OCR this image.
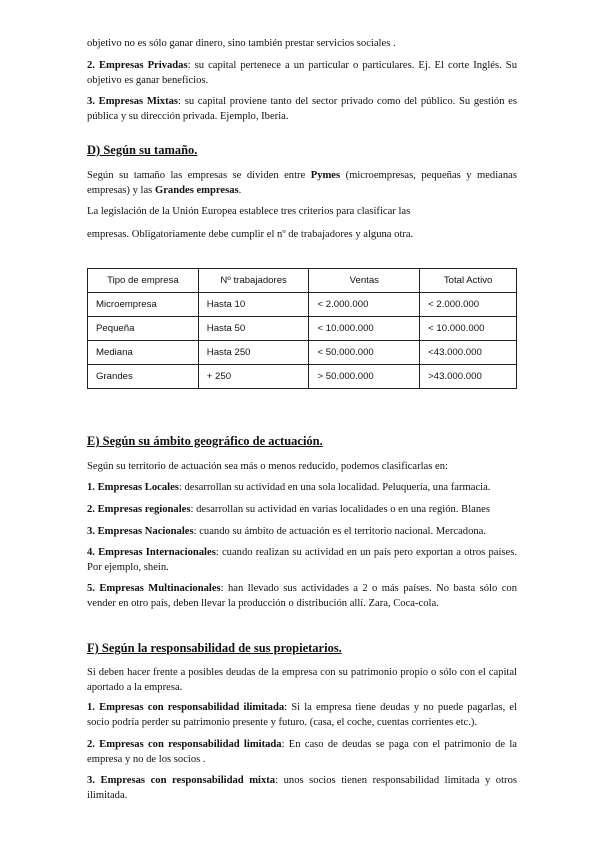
objetivo no es sólo ganar dinero, sino también prestar servicios sociales .

2. Empresas Privadas: su capital pertenece a un particular o particulares. Ej. El corte Inglés. Su objetivo es ganar beneficios.

3. Empresas Mixtas: su capital proviene tanto del sector privado como del público. Su gestión es pública y su dirección privada. Ejemplo, Iberia.

D) Según su tamaño.

Según su tamaño las empresas se dividen entre Pymes (microempresas, pequeñas y medianas empresas) y las Grandes empresas.

La legislación de la Unión Europea establece tres criterios para clasificar las

empresas. Obligatoriamente debe cumplir el nº de trabajadores y alguna otra.

Tipo de empresa	Nº trabajadores	Ventas	Total Activo
Microempresa	Hasta 10	< 2.000.000	< 2.000.000
Pequeña	Hasta 50	< 10.000.000	< 10.000.000
Mediana	Hasta 250	< 50.000.000	<43.000.000
Grandes	+ 250	> 50.000.000	>43.000.000
E) Según su ámbito geográfico de actuación.

Según su territorio de actuación sea más o menos reducido, podemos clasificarlas en:

1. Empresas Locales: desarrollan su actividad en una sola localidad. Peluquería, una farmacia.

2. Empresas regionales: desarrollan su actividad en varias localidades o en una región. Blanes

3. Empresas Nacionales: cuando su ámbito de actuación es el territorio nacional. Mercadona.

4. Empresas Internacionales: cuando realizan su actividad en un país pero exportan a otros países. Por ejemplo, shein.

5. Empresas Multinacionales: han llevado sus actividades a 2 o más países. No basta sólo con vender en otro país, deben llevar la producción o distribución allí. Zara, Coca-cola.

F) Según la responsabilidad de sus propietarios.

Si deben hacer frente a posibles deudas de la empresa con su patrimonio propio o sólo con el capital aportado a la empresa.

1. Empresas con responsabilidad ilimitada: Si la empresa tiene deudas y no puede pagarlas, el socio podría perder su patrimonio presente y futuro. (casa, el coche, cuentas corrientes etc.).

2. Empresas con responsabilidad limitada: En caso de deudas se paga con el patrimonio de la empresa y no de los socios .

3. Empresas con responsabilidad mixta: unos socios tienen responsabilidad limitada y otros ilimitada.
